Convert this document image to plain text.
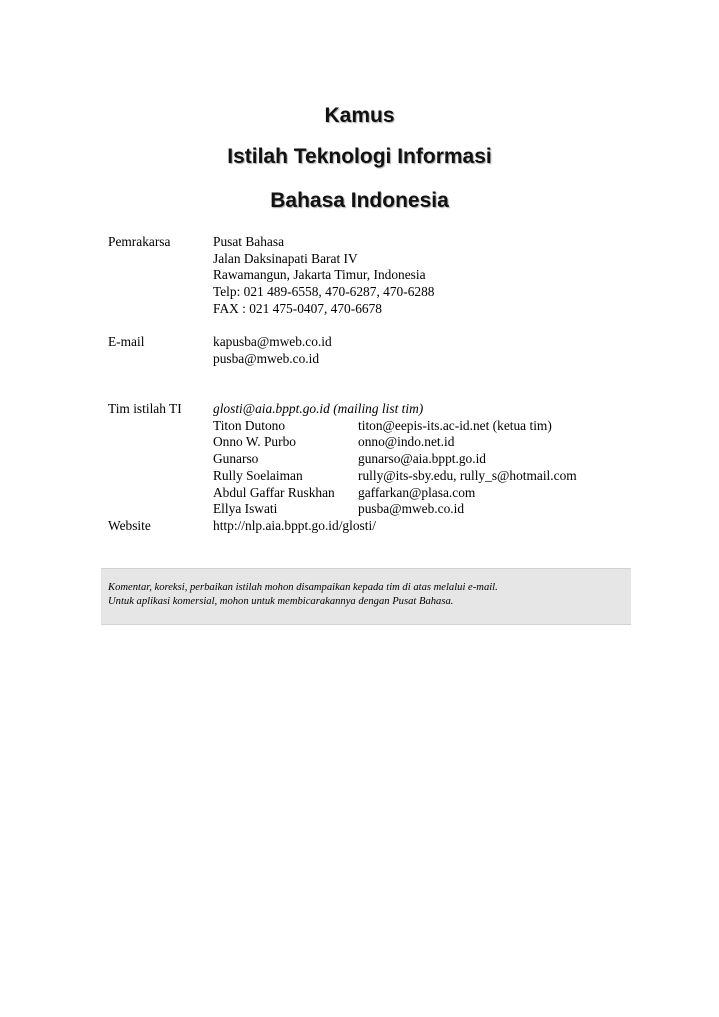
Kamus
Istilah Teknologi Informasi
Bahasa Indonesia
Pemrakarsa	Pusat Bahasa
Jalan Daksinapati Barat IV
Rawamangun, Jakarta Timur, Indonesia
Telp: 021 489-6558, 470-6287, 470-6288
FAX : 021 475-0407, 470-6678
E-mail	kapusba@mweb.co.id
pusba@mweb.co.id
Tim istilah TI glosti@aia.bppt.go.id (mailing list tim)
Titon Dutono	titon@eepis-its.ac-id.net (ketua tim)
Onno W. Purbo	onno@indo.net.id
Gunarso	gunarso@aia.bppt.go.id
Rully Soelaiman	rully@its-sby.edu, rully_s@hotmail.com
Abdul Gaffar Ruskhan gaffarkan@plasa.com
Ellya Iswati	pusba@mweb.co.id
Website	http://nlp.aia.bppt.go.id/glosti/
Komentar, koreksi, perbaikan istilah mohon disampaikan kepada tim di atas melalui e-mail.
Untuk aplikasi komersial, mohon untuk membicarakannya dengan Pusat Bahasa.
